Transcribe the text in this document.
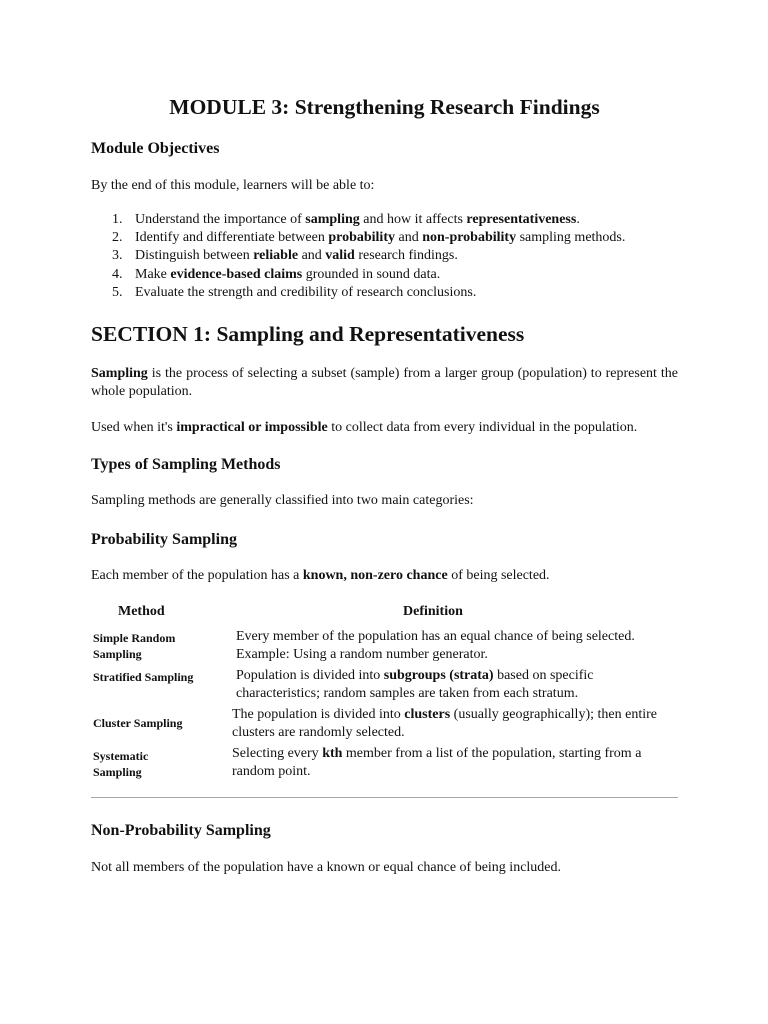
MODULE 3: Strengthening Research Findings
Module Objectives

By the end of this module, learners will be able to:

1. Understand the importance of sampling and how it affects representativeness.
2. Identify and differentiate between probability and non-probability sampling methods.
3. Distinguish between reliable and valid research findings.
4. Make evidence-based claims grounded in sound data.
5. Evaluate the strength and credibility of research conclusions.
SECTION 1: Sampling and Representativeness

Sampling is the process of selecting a subset (sample) from a larger group (population) to represent the whole population.

Used when it's impractical or impossible to collect data from every individual in the population.

Types of Sampling Methods

Sampling methods are generally classified into two main categories:

Probability Sampling

Each member of the population has a known, non-zero chance of being selected.

Method	Definition
Simple Random Sampling
Every member of the population has an equal chance of being selected. Example: Using a random number generator.
Stratified Sampling	Population is divided into subgroups (strata) based on specific characteristics; random samples are taken from each stratum.
Cluster Sampling
The population is divided into clusters (usually geographically); then entire clusters are randomly selected.
Systematic Sampling
Selecting every kth member from a list of the population, starting from a random point.
Non-Probability Sampling

Not all members of the population have a known or equal chance of being included.
